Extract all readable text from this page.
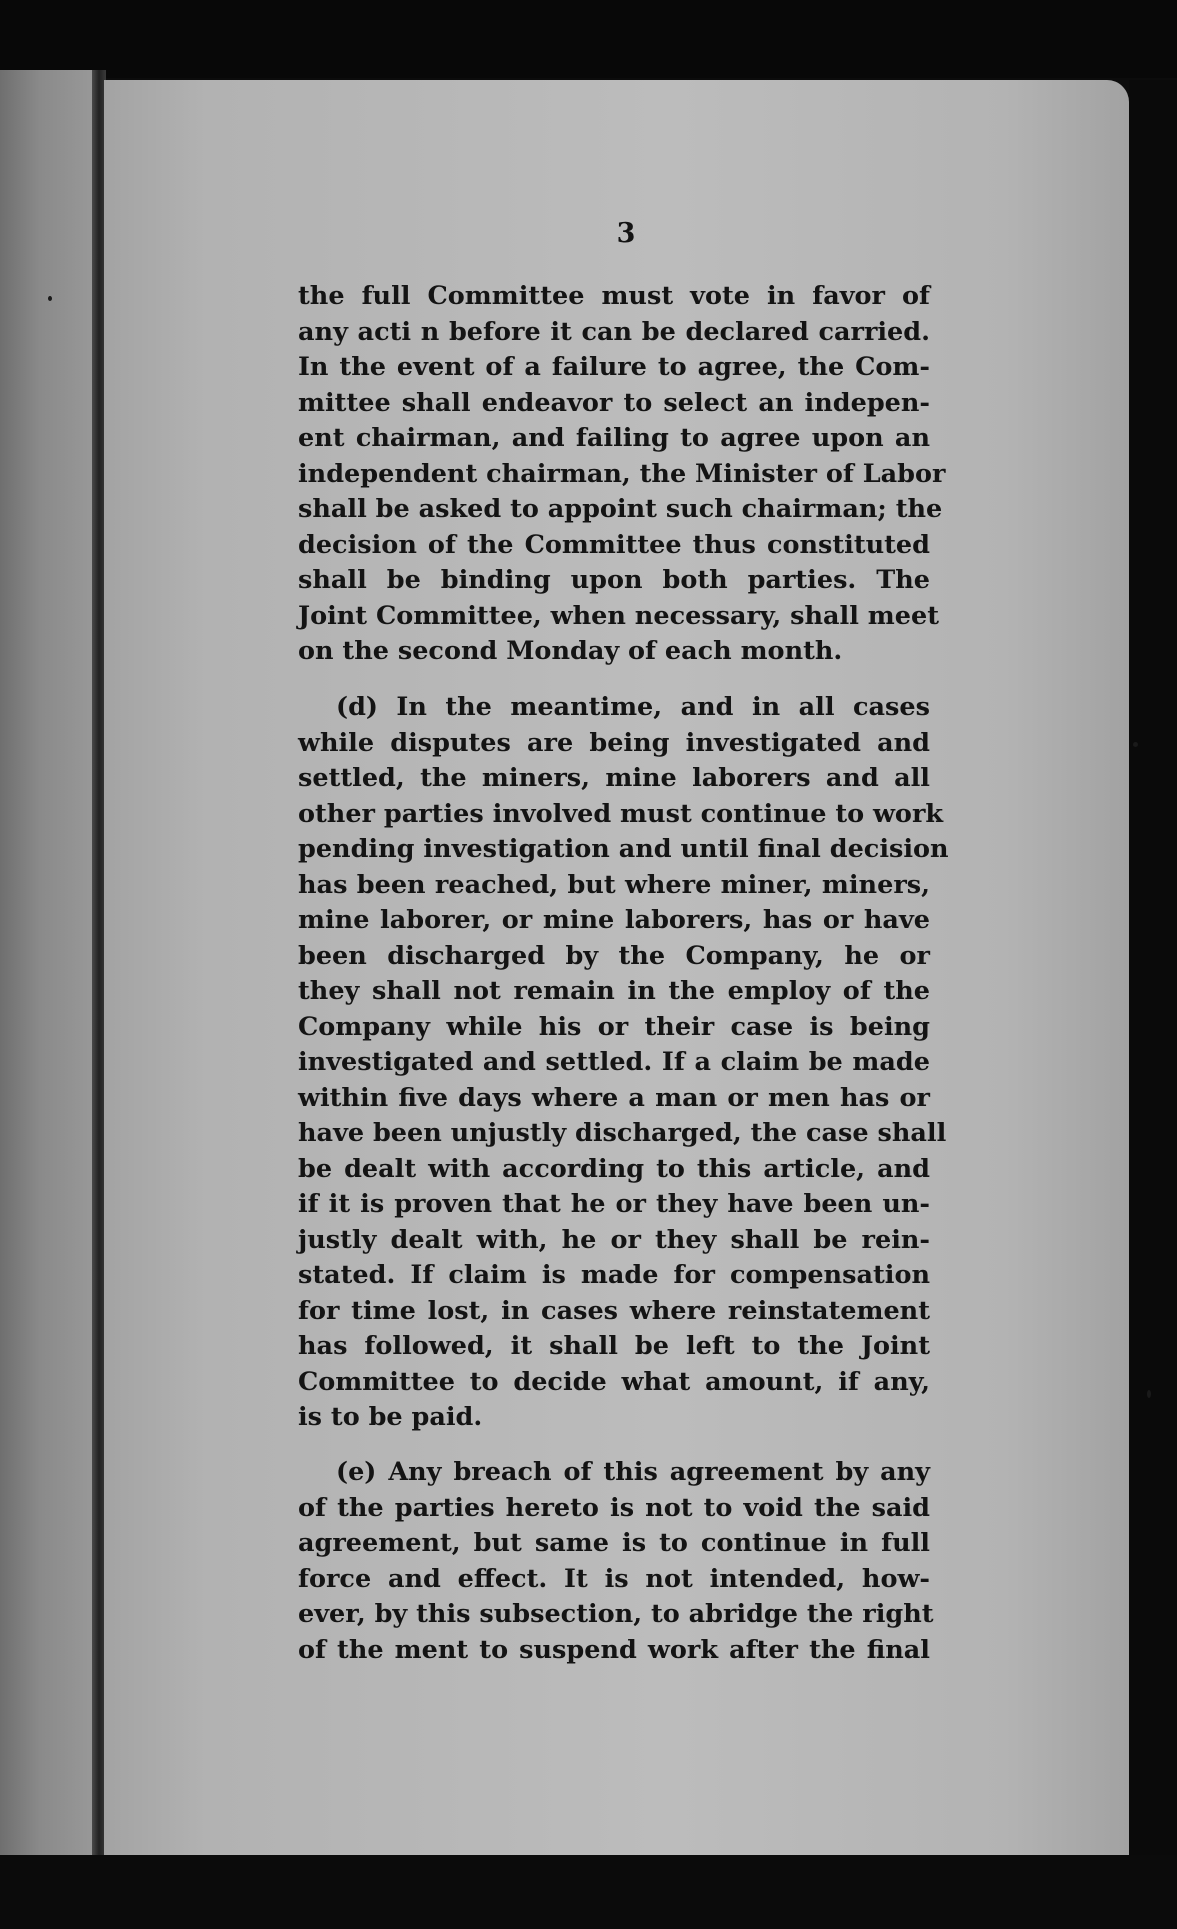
3
the full Committee must vote in favor of
any acti n before it can be declared carried.
In the event of a failure to agree, the Com-
mittee shall endeavor to select an indepen-
ent chairman, and failing to agree upon an
independent chairman, the Minister of Labor
shall be asked to appoint such chairman; the
decision of the Committee thus constituted
shall be binding upon both parties. The
Joint Committee, when necessary, shall meet
on the second Monday of each month.
(d) In the meantime, and in all cases
while disputes are being investigated and
settled, the miners, mine laborers and all
other parties involved must continue to work
pending investigation and until final decision
has been reached, but where miner, miners,
mine laborer, or mine laborers, has or have
been discharged by the Company, he or
they shall not remain in the employ of the
Company while his or their case is being
investigated and settled. If a claim be made
within five days where a man or men has or
have been unjustly discharged, the case shall
be dealt with according to this article, and
if it is proven that he or they have been un-
justly dealt with, he or they shall be rein-
stated. If claim is made for compensation
for time lost, in cases where reinstatement
has followed, it shall be left to the Joint
Committee to decide what amount, if any,
is to be paid.
(e) Any breach of this agreement by any
of the parties hereto is not to void the said
agreement, but same is to continue in full
force and effect. It is not intended, how-
ever, by this subsection, to abridge the right
of the ment to suspend work after the final
